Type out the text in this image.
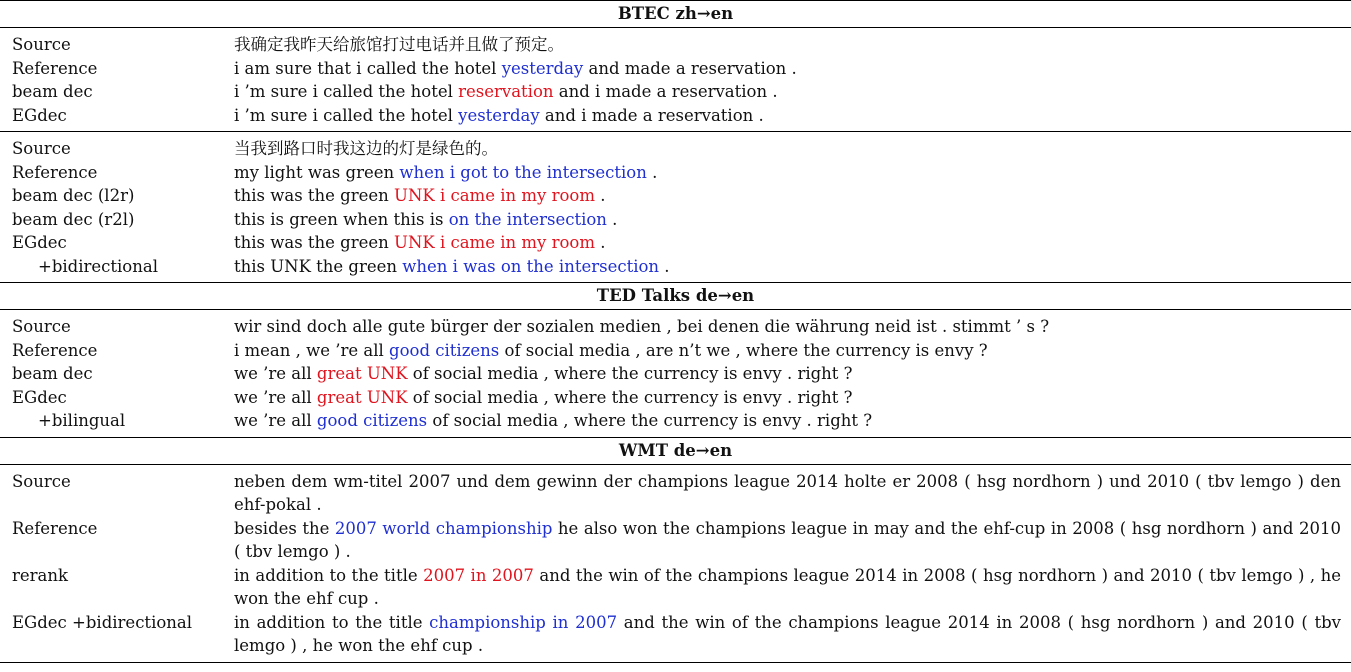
BTEC zh→en
Source	我确定我昨天给旅馆打过电话并且做了预定。
Reference	i am sure that i called the hotel yesterday and made a reservation .
beam dec	i ’m sure i called the hotel reservation and i made a reservation .
EGdec	i ’m sure i called the hotel yesterday and i made a reservation .
Source	当我到路口时我这边的灯是绿色的。
Reference	my light was green when i got to the intersection .
beam dec (l2r)	this was the green UNK i came in my room .
beam dec (r2l)	this is green when this is on the intersection .
EGdec	this was the green UNK i came in my room .
+bidirectional	this UNK the green when i was on the intersection .
TED Talks de→en
Source	wir sind doch alle gute bürger der sozialen medien , bei denen die währung neid ist . stimmt ’ s ?
Reference	i mean , we ’re all good citizens of social media , are n’t we , where the currency is envy ?
beam dec	we ’re all great UNK of social media , where the currency is envy . right ?
EGdec	we ’re all great UNK of social media , where the currency is envy . right ?
+bilingual	we ’re all good citizens of social media , where the currency is envy . right ?
WMT de→en
Source	neben dem wm-titel 2007 und dem gewinn der champions league 2014 holte er 2008 ( hsg nordhorn ) und 2010 ( tbv lemgo ) den ehf-pokal .
Reference	besides the 2007 world championship he also won the champions league in may and the ehf-cup in 2008 ( hsg nordhorn ) and 2010 ( tbv lemgo ) .
rerank	in addition to the title 2007 in 2007 and the win of the champions league 2014 in 2008 ( hsg nordhorn ) and 2010 ( tbv lemgo ) , he won the ehf cup .
EGdec +bidirectional	in addition to the title championship in 2007 and the win of the champions league 2014 in 2008 ( hsg nordhorn ) and 2010 ( tbv lemgo ) , he won the ehf cup .
